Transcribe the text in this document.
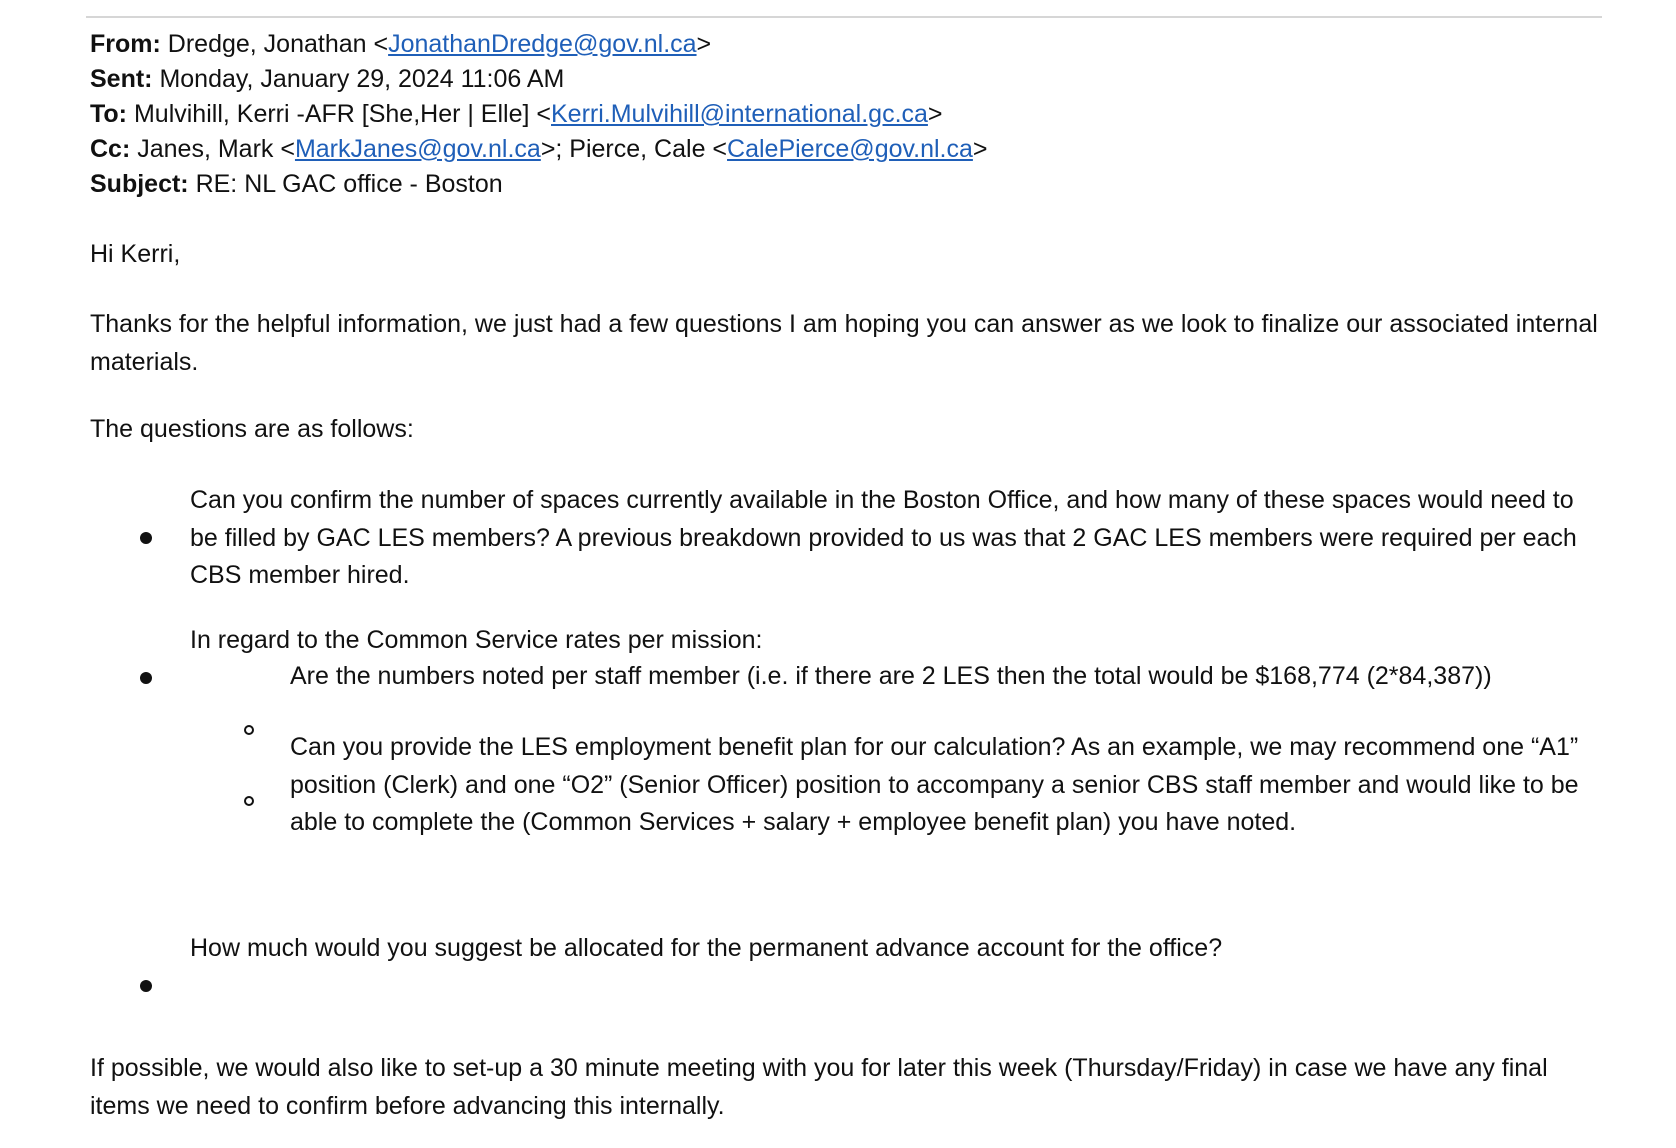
From: Dredge, Jonathan <JonathanDredge@gov.nl.ca>
Sent: Monday, January 29, 2024 11:06 AM
To: Mulvihill, Kerri -AFR [She,Her | Elle] <Kerri.Mulvihill@international.gc.ca>
Cc: Janes, Mark <MarkJanes@gov.nl.ca>; Pierce, Cale <CalePierce@gov.nl.ca>
Subject: RE: NL GAC office - Boston
Hi Kerri,
Thanks for the helpful information, we just had a few questions I am hoping you can answer as we look to finalize our associated internal materials.
The questions are as follows:
Can you confirm the number of spaces currently available in the Boston Office, and how many of these spaces would need to be filled by GAC LES members? A previous breakdown provided to us was that 2 GAC LES members were required per each CBS member hired.
In regard to the Common Service rates per mission:
Are the numbers noted per staff member (i.e. if there are 2 LES then the total would be $168,774 (2*84,387))
Can you provide the LES employment benefit plan for our calculation? As an example, we may recommend one “A1” position (Clerk) and one “O2” (Senior Officer) position to accompany a senior CBS staff member and would like to be able to complete the (Common Services + salary + employee benefit plan) you have noted.
How much would you suggest be allocated for the permanent advance account for the office?
If possible, we would also like to set-up a 30 minute meeting with you for later this week (Thursday/Friday) in case we have any final items we need to confirm before advancing this internally.
